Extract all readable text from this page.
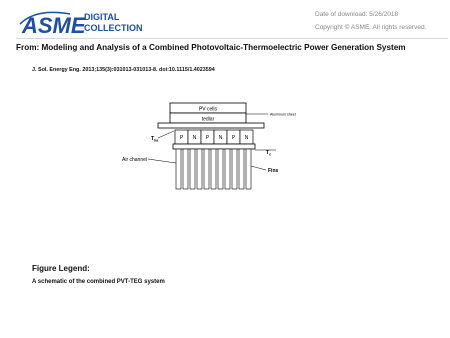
ASME
DIGITAL
COLLECTION
Date of download: 5/26/2018
Copyright © ASME. All rights reserved.
From: Modeling and Analysis of a Combined Photovoltaic-Thermoelectric Power Generation System
J. Sol. Energy Eng. 2013;135(3):031013-031013-8. doi:10.1115/1.4023594
PV cells
tedlar
Aluminum sheet
$T_{ha}$	P N P N P N
$T_c$
Air channel
Fins
Figure Legend:
A schematic of the combined PVT-TEG system
